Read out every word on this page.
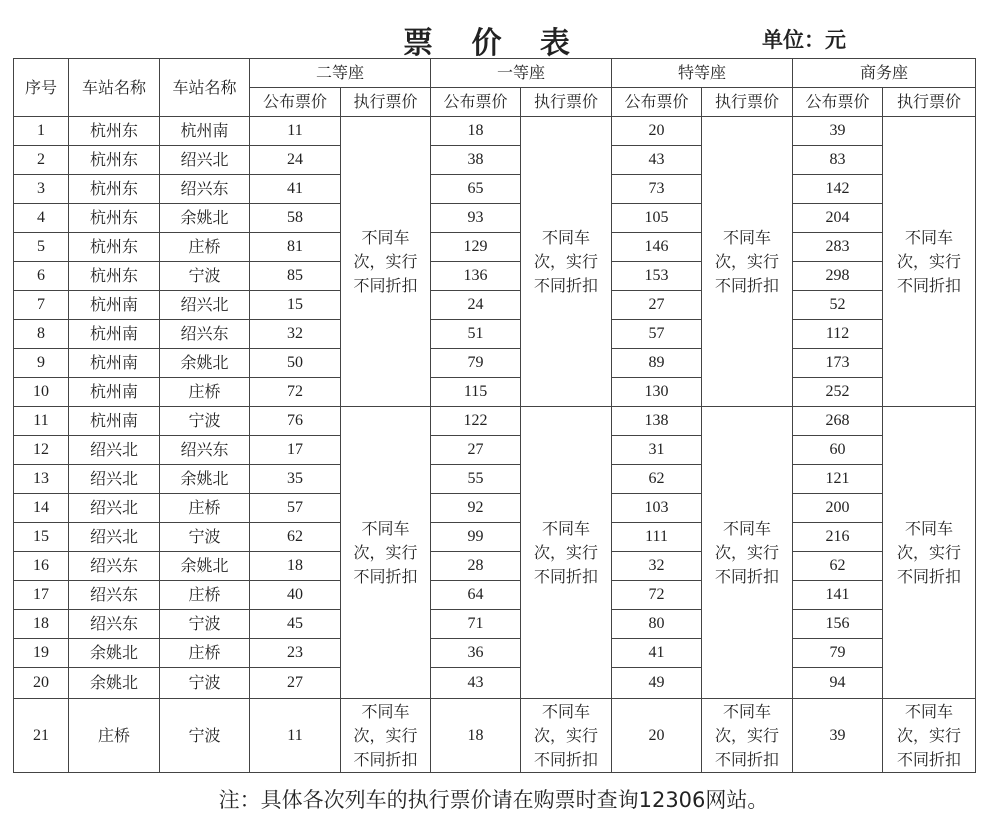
票 价 表	单位：元
序号	车站名称	车站名称	二等座		一等座		特等座		商务座	
			公布票价	执行票价	公布票价	执行票价	公布票价	执行票价	公布票价	执行票价
1	杭州东	杭州南	11	不同车
次，实行
不同折扣	18	不同车
次，实行
不同折扣	20	不同车
次，实行
不同折扣	39	不同车
次，实行
不同折扣
2	杭州东	绍兴北	24		38		43		83	
3	杭州东	绍兴东	41		65		73		142	
4	杭州东	余姚北	58		93		105		204	
5	杭州东	庄桥	81		129		146		283	
6	杭州东	宁波	85		136		153		298	
7	杭州南	绍兴北	15		24		27		52	
8	杭州南	绍兴东	32		51		57		112	
9	杭州南	余姚北	50		79		89		173	
10	杭州南	庄桥	72		115		130		252	
11	杭州南	宁波	76	不同车
次，实行
不同折扣	122	不同车
次，实行
不同折扣	138	不同车
次，实行
不同折扣	268	不同车
次，实行
不同折扣
12	绍兴北	绍兴东	17		27		31		60	
13	绍兴北	余姚北	35		55		62		121	
14	绍兴北	庄桥	57		92		103		200	
15	绍兴北	宁波	62		99		111		216	
16	绍兴东	余姚北	18		28		32		62	
17	绍兴东	庄桥	40		64		72		141	
18	绍兴东	宁波	45		71		80		156	
19	余姚北	庄桥	23		36		41		79	
20	余姚北	宁波	27		43		49		94	
21	庄桥	宁波	11	不同车
次，实行
不同折扣	18	不同车
次，实行
不同折扣	20	不同车
次，实行
不同折扣	39	不同车
次，实行
不同折扣
注：具体各次列车的执行票价请在购票时查询12306网站。
